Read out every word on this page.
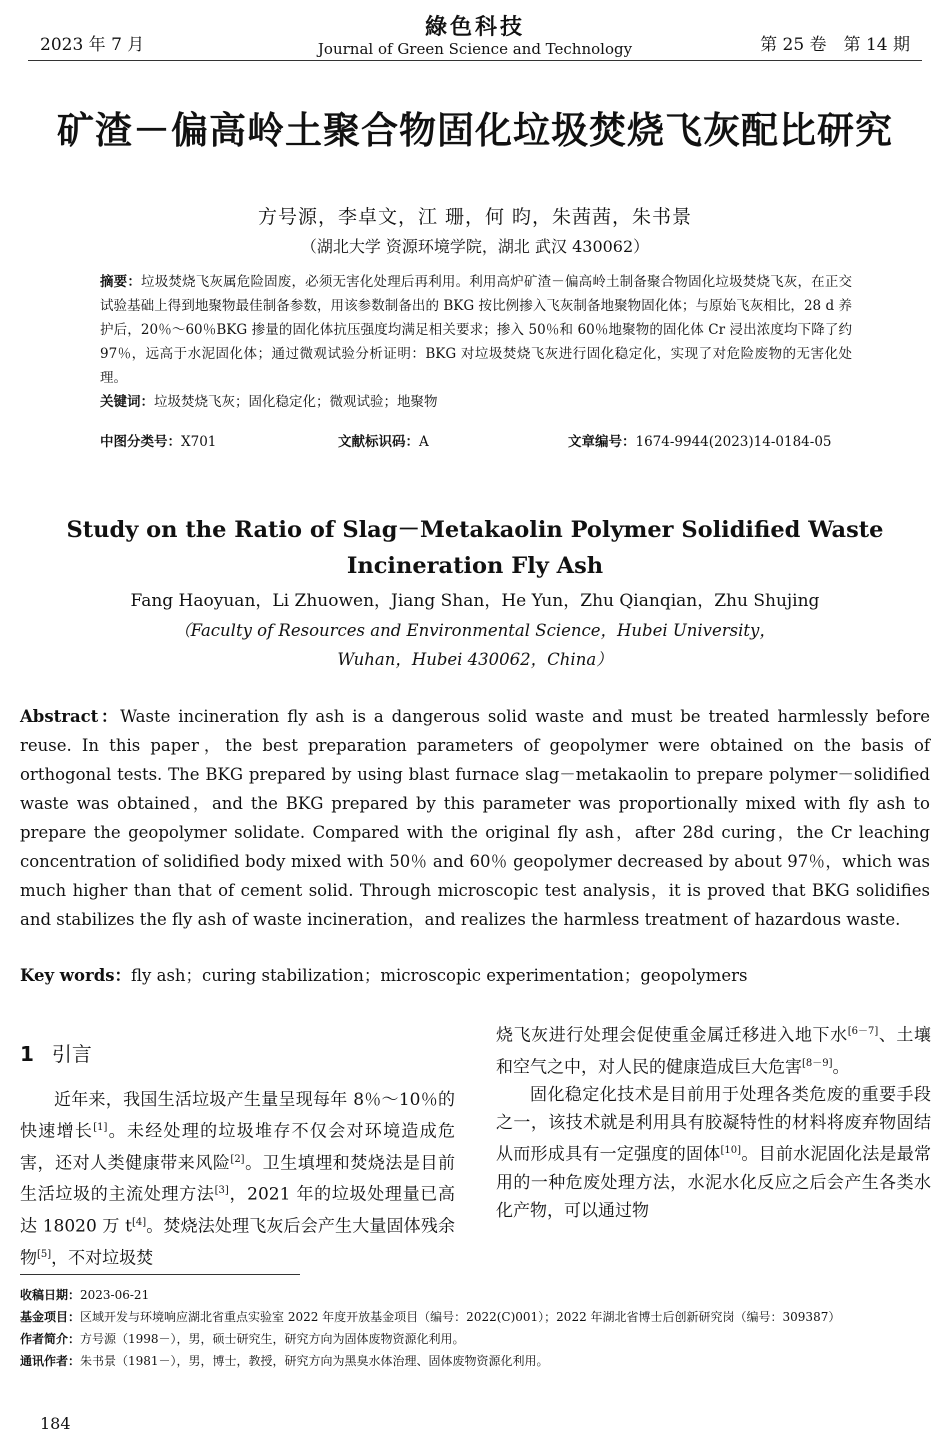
2023 年 7 月
綠色科技
Journal of Green Science and Technology	第 25 卷　第 14 期
矿渣－偏高岭土聚合物固化垃圾焚烧飞灰配比研究
方号源，李卓文，江 珊，何 昀，朱茜茜，朱书景
（湖北大学 资源环境学院，湖北 武汉 430062）
摘要：垃圾焚烧飞灰属危险固废，必须无害化处理后再利用。利用高炉矿渣－偏高岭土制备聚合物固化垃圾焚烧飞灰，在正交试验基础上得到地聚物最佳制备参数，用该参数制备出的 BKG 按比例掺入飞灰制备地聚物固化体；与原始飞灰相比，28 d 养护后，20％～60％BKG 掺量的固化体抗压强度均满足相关要求；掺入 50％和 60％地聚物的固化体 Cr 浸出浓度均下降了约 97％，远高于水泥固化体；通过微观试验分析证明：BKG 对垃圾焚烧飞灰进行固化稳定化，实现了对危险废物的无害化处理。
关键词：垃圾焚烧飞灰；固化稳定化；微观试验；地聚物
中图分类号：X701	文献标识码：A	文章编号：1674-9944(2023)14-0184-05
Study on the Ratio of Slag－Metakaolin Polymer Solidified Waste
Incineration Fly Ash
Fang Haoyuan，Li Zhuowen，Jiang Shan，He Yun，Zhu Qianqian，Zhu Shujing
（Faculty of Resources and Environmental Science，Hubei University，
Wuhan，Hubei 430062，China）
Abstract：Waste incineration fly ash is a dangerous solid waste and must be treated harmlessly before reuse. In this paper，the best preparation parameters of geopolymer were obtained on the basis of orthogonal tests. The BKG prepared by using blast furnace slag－metakaolin to prepare polymer－solidified waste was obtained，and the BKG prepared by this parameter was proportionally mixed with fly ash to prepare the geopolymer solidate. Compared with the original fly ash，after 28d curing，the Cr leaching concentration of solidified body mixed with 50％ and 60％ geopolymer decreased by about 97％，which was much higher than that of cement solid. Through microscopic test analysis，it is proved that BKG solidifies and stabilizes the fly ash of waste incineration，and realizes the harmless treatment of hazardous waste.
Key words：fly ash；curing stabilization；microscopic experimentation；geopolymers
1 引言

近年来，我国生活垃圾产生量呈现每年 8％～10％的快速增长[1]。未经处理的垃圾堆存不仅会对环境造成危害，还对人类健康带来风险[2]。卫生填埋和焚烧法是目前生活垃圾的主流处理方法[3]，2021 年的垃圾处理量已高达 18020 万 t[4]。焚烧法处理飞灰后会产生大量固体残余物[5]，不对垃圾焚

烧飞灰进行处理会促使重金属迁移进入地下水[6－7]、土壤和空气之中，对人民的健康造成巨大危害[8－9]。

固化稳定化技术是目前用于处理各类危废的重要手段之一，该技术就是利用具有胶凝特性的材料将废弃物固结从而形成具有一定强度的固体[10]。目前水泥固化法是最常用的一种危废处理方法，水泥水化反应之后会产生各类水化产物，可以通过物

收稿日期： 2023-06-21
基金项目： 区域开发与环境响应湖北省重点实验室 2022 年度开放基金项目（编号：2022(C)001）；2022 年湖北省博士后创新研究岗（编号：309387）
作者简介： 方号源（1998－），男，硕士研究生，研究方向为固体废物资源化利用。
通讯作者： 朱书景（1981－），男，博士，教授，研究方向为黑臭水体治理、固体废物资源化利用。
184
